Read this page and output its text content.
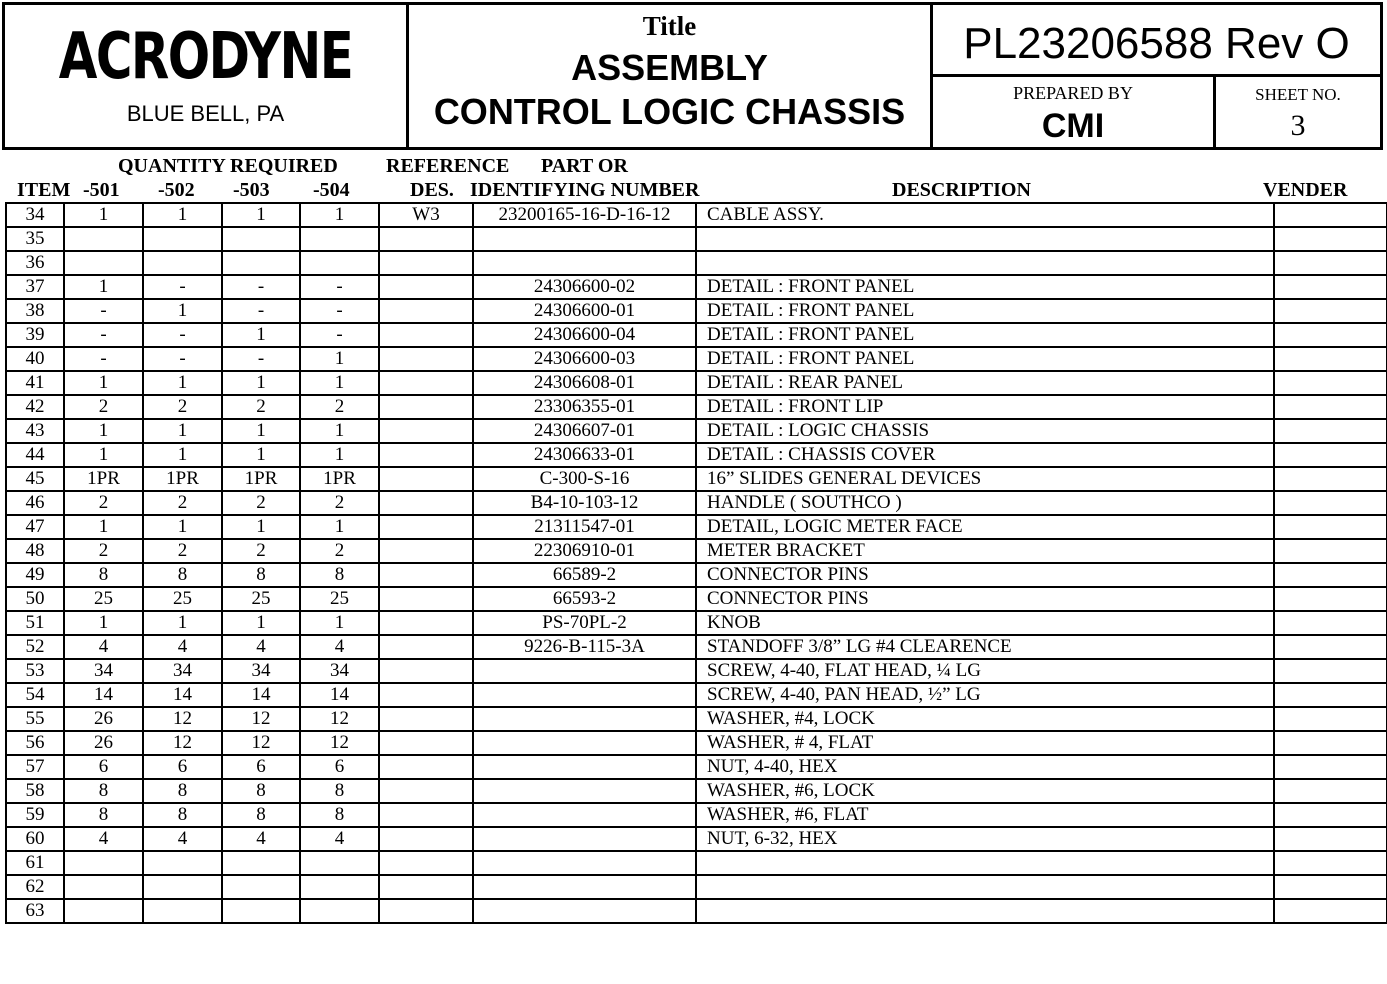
ACRODYNE
BLUE BELL, PA
Title
ASSEMBLY
CONTROL LOGIC CHASSIS
PL23206588 Rev O
PREPARED BY
CMI
SHEET NO.
3
QUANTITY REQUIRED REFERENCE PART OR
ITEM -501 -502 -503 -504	DES. IDENTIFYING NUMBER	DESCRIPTION	VENDER
34	1	1	1	1	W3	23200165-16-D-16-12	CABLE ASSY.	
35								
36								
37	1	-	-	-		24306600-02	DETAIL : FRONT PANEL	
38	-	1	-	-		24306600-01	DETAIL : FRONT PANEL	
39	-	-	1	-		24306600-04	DETAIL : FRONT PANEL	
40	-	-	-	1		24306600-03	DETAIL : FRONT PANEL	
41	1	1	1	1		24306608-01	DETAIL : REAR PANEL	
42	2	2	2	2		23306355-01	DETAIL : FRONT LIP	
43	1	1	1	1		24306607-01	DETAIL : LOGIC CHASSIS	
44	1	1	1	1		24306633-01	DETAIL : CHASSIS COVER	
45	1PR	1PR	1PR	1PR		C-300-S-16	16” SLIDES GENERAL DEVICES	
46	2	2	2	2		B4-10-103-12	HANDLE ( SOUTHCO )	
47	1	1	1	1		21311547-01	DETAIL, LOGIC METER FACE	
48	2	2	2	2		22306910-01	METER BRACKET	
49	8	8	8	8		66589-2	CONNECTOR PINS	
50	25	25	25	25		66593-2	CONNECTOR PINS	
51	1	1	1	1		PS-70PL-2	KNOB	
52	4	4	4	4		9226-B-115-3A	STANDOFF 3/8” LG #4 CLEARENCE	
53	34	34	34	34			SCREW, 4-40, FLAT HEAD, ¼ LG	
54	14	14	14	14			SCREW, 4-40, PAN HEAD, ½” LG	
55	26	12	12	12			WASHER, #4, LOCK	
56	26	12	12	12			WASHER, # 4, FLAT	
57	6	6	6	6			NUT, 4-40, HEX	
58	8	8	8	8			WASHER, #6, LOCK	
59	8	8	8	8			WASHER, #6, FLAT	
60	4	4	4	4			NUT, 6-32, HEX	
61								
62								
63								
